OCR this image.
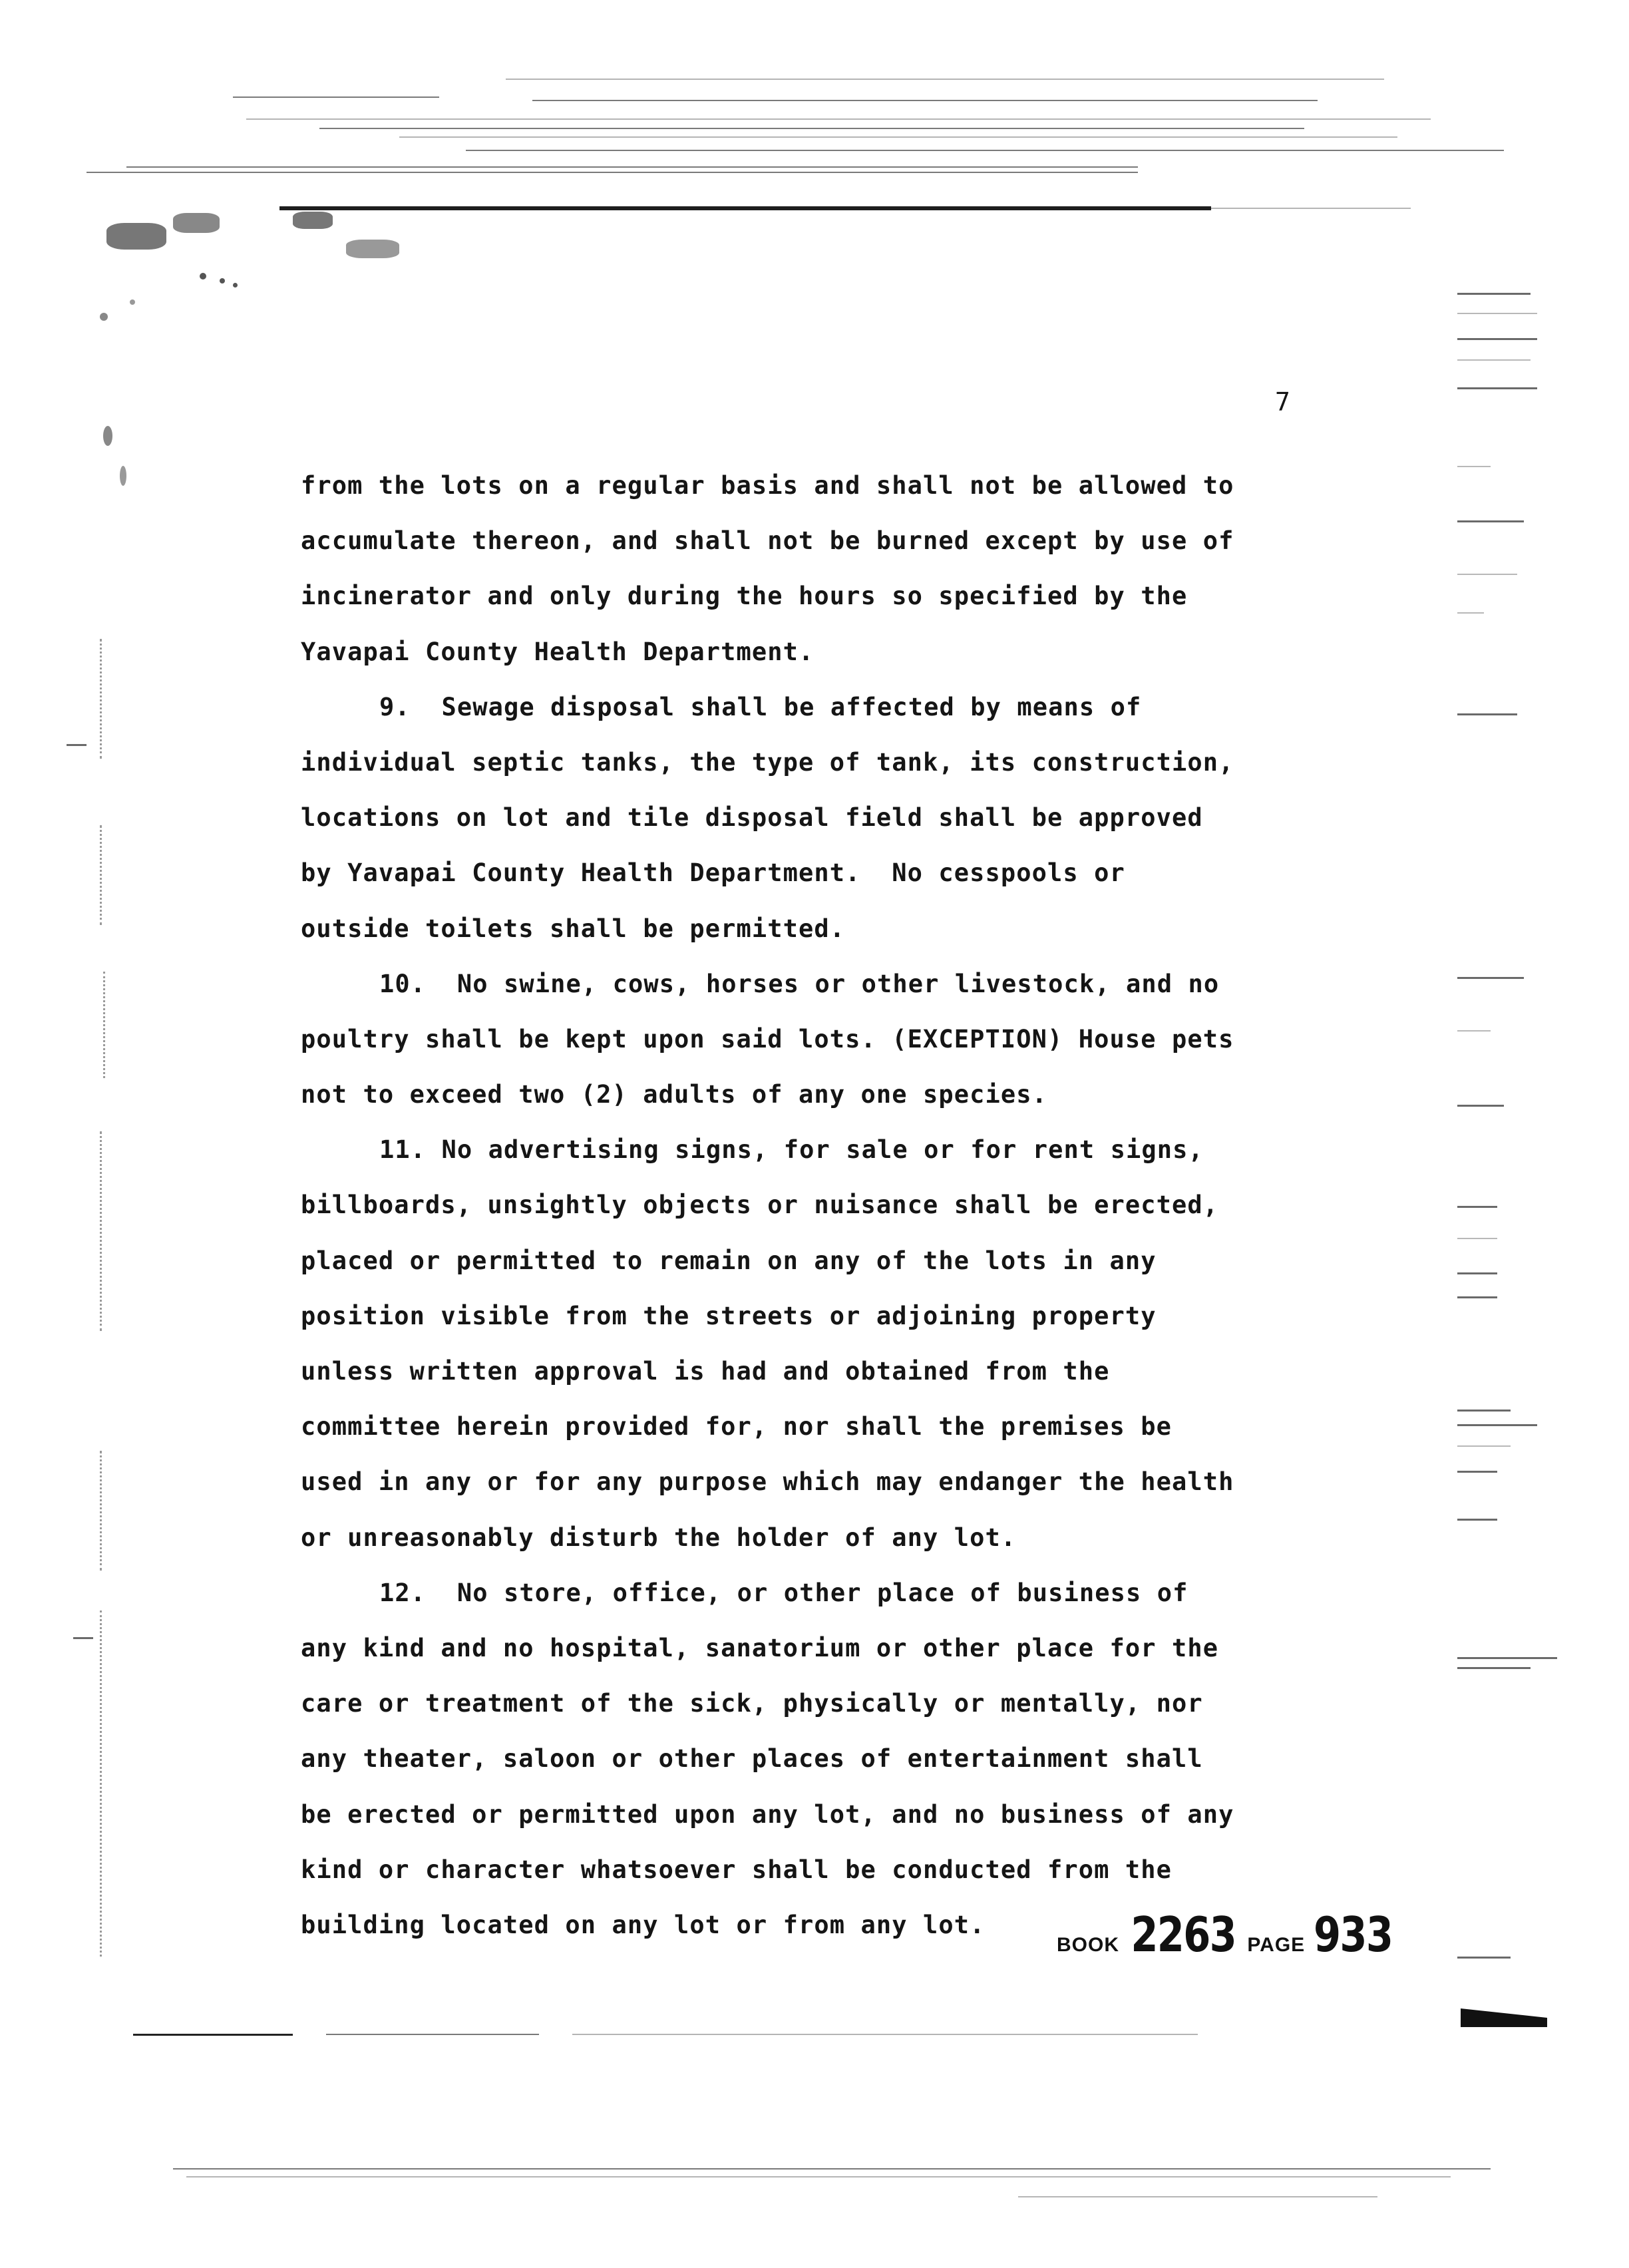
7
from the lots on a regular basis and shall not be allowed to
accumulate thereon, and shall not be burned except by use of
incinerator and only during the hours so specified by the
Yavapai County Health Department.
9.  Sewage disposal shall be affected by means of
individual septic tanks, the type of tank, its construction,
locations on lot and tile disposal field shall be approved
by Yavapai County Health Department.  No cesspools or
outside toilets shall be permitted.
10.  No swine, cows, horses or other livestock, and no
poultry shall be kept upon said lots. (EXCEPTION) House pets
not to exceed two (2) adults of any one species.
11. No advertising signs, for sale or for rent signs,
billboards, unsightly objects or nuisance shall be erected,
placed or permitted to remain on any of the lots in any
position visible from the streets or adjoining property
unless written approval is had and obtained from the
committee herein provided for, nor shall the premises be
used in any or for any purpose which may endanger the health
or unreasonably disturb the holder of any lot.
12.  No store, office, or other place of business of
any kind and no hospital, sanatorium or other place for the
care or treatment of the sick, physically or mentally, nor
any theater, saloon or other places of entertainment shall
be erected or permitted upon any lot, and no business of any
kind or character whatsoever shall be conducted from the
building located on any lot or from any lot.
BOOK 2263 PAGE 933
